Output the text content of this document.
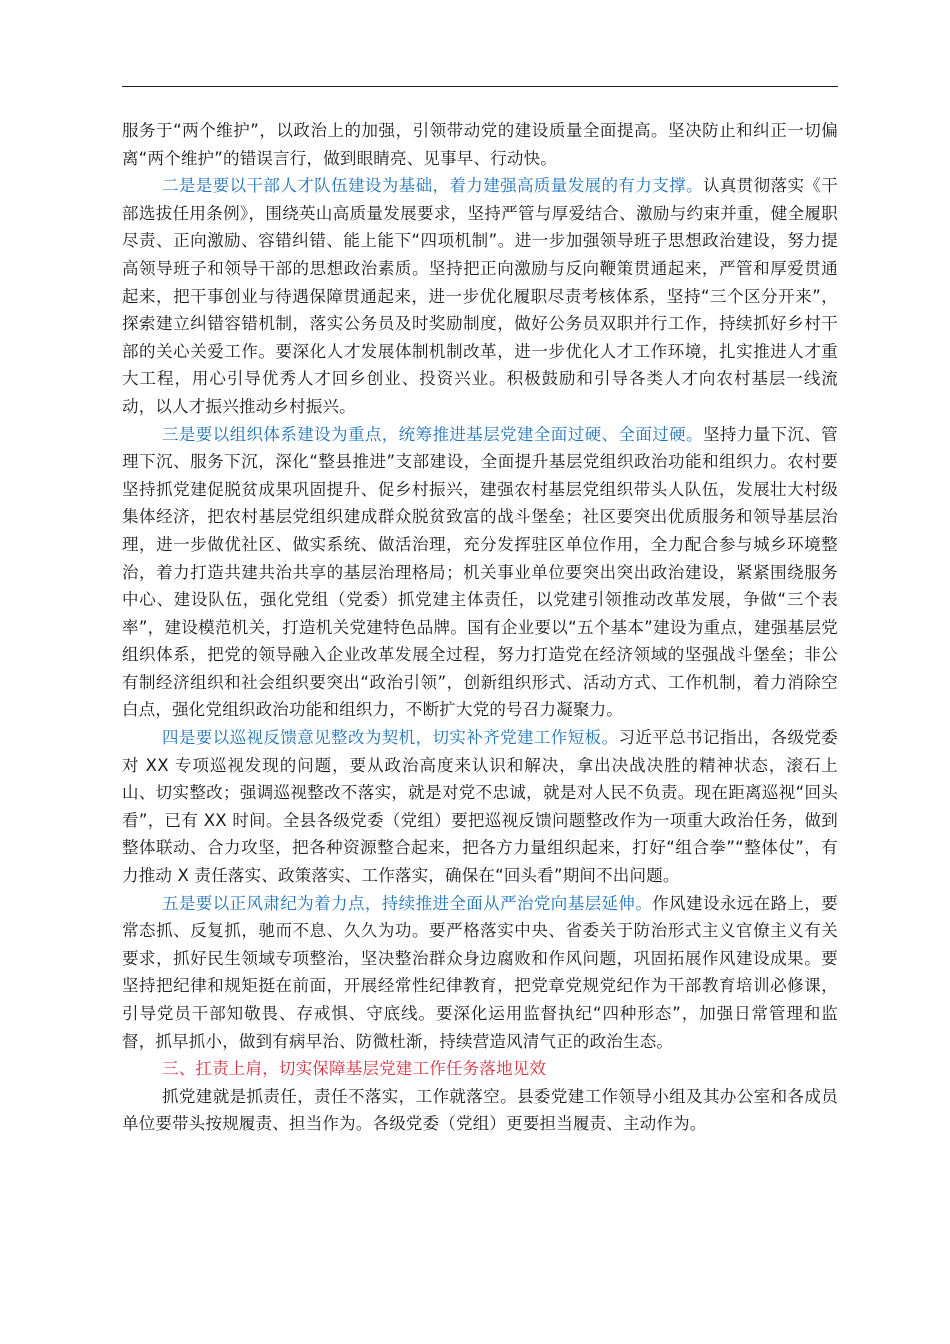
服务于“两个维护”，以政治上的加强，引领带动党的建设质量全面提高。坚决防止和纠正一切偏离“两个维护”的错误言行，做到眼睛亮、见事早、行动快。

二是是要以干部人才队伍建设为基础，着力建强高质量发展的有力支撑。认真贯彻落实《干部选拔任用条例》，围绕英山高质量发展要求，坚持严管与厚爱结合、激励与约束并重，健全履职尽责、正向激励、容错纠错、能上能下“四项机制”。进一步加强领导班子思想政治建设，努力提高领导班子和领导干部的思想政治素质。坚持把正向激励与反向鞭策贯通起来，严管和厚爱贯通起来，把干事创业与待遇保障贯通起来，进一步优化履职尽责考核体系，坚持“三个区分开来”，探索建立纠错容错机制，落实公务员及时奖励制度，做好公务员双职并行工作，持续抓好乡村干部的关心关爱工作。要深化人才发展体制机制改革，进一步优化人才工作环境，扎实推进人才重大工程，用心引导优秀人才回乡创业、投资兴业。积极鼓励和引导各类人才向农村基层一线流动，以人才振兴推动乡村振兴。

三是要以组织体系建设为重点，统筹推进基层党建全面过硬、全面过硬。坚持力量下沉、管理下沉、服务下沉，深化“整县推进”支部建设，全面提升基层党组织政治功能和组织力。农村要坚持抓党建促脱贫成果巩固提升、促乡村振兴，建强农村基层党组织带头人队伍，发展壮大村级集体经济，把农村基层党组织建成群众脱贫致富的战斗堡垒；社区要突出优质服务和领导基层治理，进一步做优社区、做实系统、做活治理，充分发挥驻区单位作用，全力配合参与城乡环境整治，着力打造共建共治共享的基层治理格局；机关事业单位要突出突出政治建设，紧紧围绕服务中心、建设队伍，强化党组（党委）抓党建主体责任，以党建引领推动改革发展，争做“三个表率”，建设模范机关，打造机关党建特色品牌。国有企业要以“五个基本”建设为重点，建强基层党组织体系，把党的领导融入企业改革发展全过程，努力打造党在经济领域的坚强战斗堡垒；非公有制经济组织和社会组织要突出“政治引领”，创新组织形式、活动方式、工作机制，着力消除空白点，强化党组织政治功能和组织力，不断扩大党的号召力凝聚力。

四是要以巡视反馈意见整改为契机，切实补齐党建工作短板。习近平总书记指出，各级党委对 XX 专项巡视发现的问题，要从政治高度来认识和解决，拿出决战决胜的精神状态，滚石上山、切实整改；强调巡视整改不落实，就是对党不忠诚，就是对人民不负责。现在距离巡视“回头看”，已有 XX 时间。全县各级党委（党组）要把巡视反馈问题整改作为一项重大政治任务，做到整体联动、合力攻坚，把各种资源整合起来，把各方力量组织起来，打好“组合拳”“整体仗”，有力推动 X 责任落实、政策落实、工作落实，确保在“回头看”期间不出问题。

五是要以正风肃纪为着力点，持续推进全面从严治党向基层延伸。作风建设永远在路上，要常态抓、反复抓，驰而不息、久久为功。要严格落实中央、省委关于防治形式主义官僚主义有关要求，抓好民生领域专项整治，坚决整治群众身边腐败和作风问题，巩固拓展作风建设成果。要坚持把纪律和规矩挺在前面，开展经常性纪律教育，把党章党规党纪作为干部教育培训必修课，引导党员干部知敬畏、存戒惧、守底线。要深化运用监督执纪“四种形态”，加强日常管理和监督，抓早抓小，做到有病早治、防微杜渐，持续营造风清气正的政治生态。

三、扛责上肩，切实保障基层党建工作任务落地见效

抓党建就是抓责任，责任不落实，工作就落空。县委党建工作领导小组及其办公室和各成员单位要带头按规履责、担当作为。各级党委（党组）更要担当履责、主动作为。
